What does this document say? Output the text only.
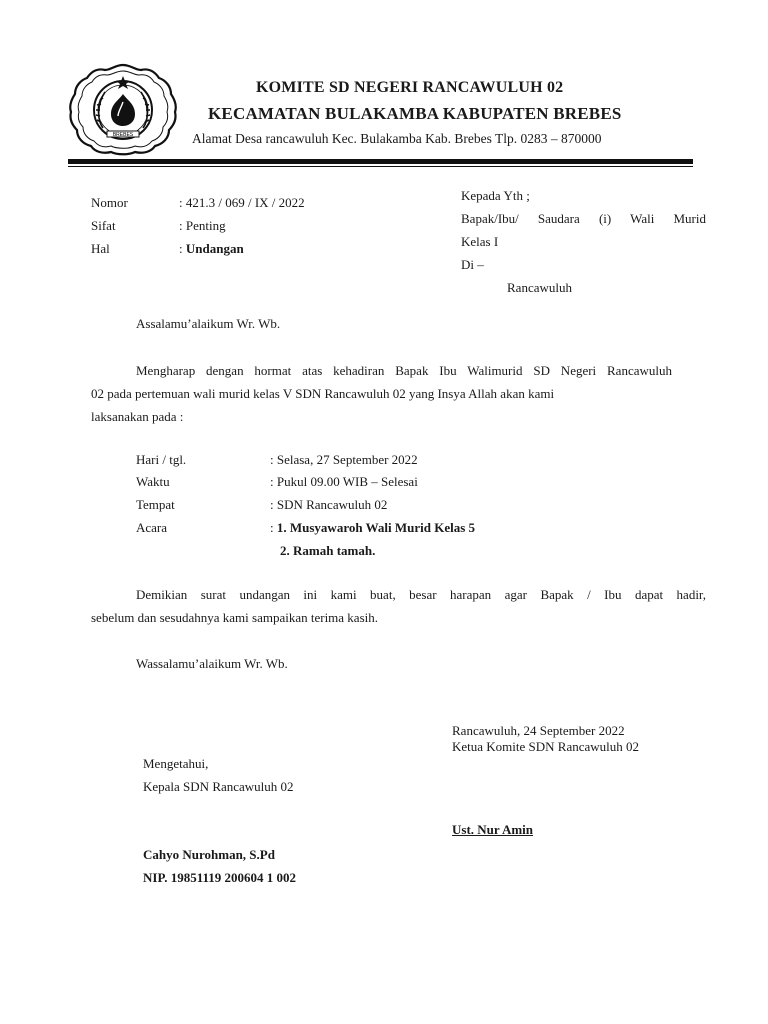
BREBES
KOMITE SD NEGERI RANCAWULUH 02
KECAMATAN BULAKAMBA KABUPATEN BREBES
Alamat Desa rancawuluh Kec. Bulakamba Kab. Brebes Tlp. 0283 – 870000
Nomor	: 421.3 / 069 / IX / 2022
Sifat	: Penting
Hal	: Undangan
Kepada Yth ;
Bapak/Ibu/ Saudara (i) Wali Murid
Kelas I
Di –
Rancawuluh
Assalamu’alaikum Wr. Wb.
Mengharap dengan hormat atas kehadiran Bapak Ibu Walimurid SD Negeri Rancawuluh
02 pada pertemuan wali murid kelas V SDN Rancawuluh 02 yang Insya Allah akan kami
laksanakan pada :
Hari / tgl.	: Selasa, 27 September 2022
Waktu	: Pukul 09.00 WIB – Selesai
Tempat	: SDN Rancawuluh 02
Acara	: 1. Musyawaroh Wali Murid Kelas 5
2. Ramah tamah.
Demikian surat undangan ini kami buat, besar harapan agar Bapak / Ibu dapat hadir,
sebelum dan sesudahnya kami sampaikan terima kasih.
Wassalamu’alaikum Wr. Wb.
Rancawuluh, 24 September 2022
Ketua Komite SDN Rancawuluh 02
Mengetahui,
Kepala SDN Rancawuluh 02
Ust. Nur Amin
Cahyo Nurohman, S.Pd
NIP. 19851119 200604 1 002
